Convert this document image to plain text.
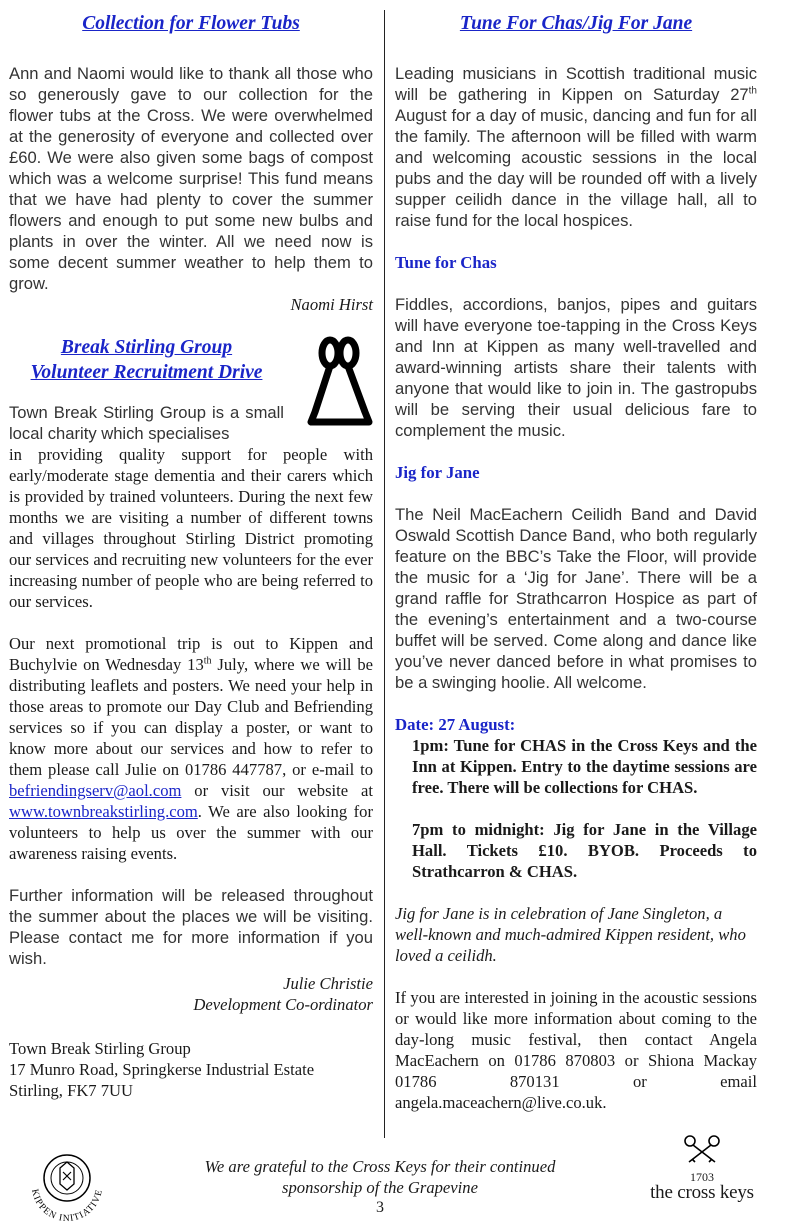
Collection for Flower Tubs

Ann and Naomi would like to thank all those who so generously gave to our collection for the flower tubs at the Cross. We were overwhelmed at the generosity of everyone and collected over £60. We were also given some bags of compost which was a welcome surprise! This fund means that we have had plenty to cover the summer flowers and enough to put some new bulbs and plants in over the winter. All we need now is some decent summer weather to help them to grow.

Naomi Hirst
Break Stirling Group
Volunteer Recruitment Drive

Town Break Stirling Group is a small local charity which specialises

in providing quality support for people with early/moderate stage dementia and their carers which is provided by trained volunteers. During the next few months we are visiting a number of different towns and villages throughout Stirling District promoting our services and recruiting new volunteers for the ever increasing number of people who are being referred to our services.

Our next promotional trip is out to Kippen and Buchylvie on Wednesday 13th July, where we will be distributing leaflets and posters. We need your help in those areas to promote our Day Club and Befriending services so if you can display a poster, or want to know more about our services and how to refer to them please call Julie on 01786 447787, or e-mail to befriendingserv@aol.com or visit our website at www.townbreakstirling.com. We are also looking for volunteers to help us over the summer with our awareness raising events.

Further information will be released throughout the summer about the places we will be visiting. Please contact me for more information if you wish.

Julie Christie
Development Co-ordinator
Town Break Stirling Group
17 Munro Road, Springkerse Industrial Estate
Stirling, FK7 7UU
Tune For Chas/Jig For Jane

Leading musicians in Scottish traditional music will be gathering in Kippen on Saturday 27th August for a day of music, dancing and fun for all the family. The afternoon will be filled with warm and welcoming acoustic sessions in the local pubs and the day will be rounded off with a lively supper ceilidh dance in the village hall, all to raise fund for the local hospices.

Tune for Chas

Fiddles, accordions, banjos, pipes and guitars will have everyone toe-tapping in the Cross Keys and Inn at Kippen as many well-travelled and award-winning artists share their talents with anyone that would like to join in. The gastropubs will be serving their usual delicious fare to complement the music.

Jig for Jane

The Neil MacEachern Ceilidh Band and David Oswald Scottish Dance Band, who both regularly feature on the BBC’s Take the Floor, will provide the music for a ‘Jig for Jane’. There will be a grand raffle for Strathcarron Hospice as part of the evening’s entertainment and a two-course buffet will be served. Come along and dance like you’ve never danced before in what promises to be a swinging hoolie. All welcome.

Date: 27 August:

1pm: Tune for CHAS in the Cross Keys and the Inn at Kippen. Entry to the daytime sessions are free. There will be collections for CHAS.

7pm to midnight: Jig for Jane in the Village Hall. Tickets £10. BYOB. Proceeds to Strathcarron & CHAS.

Jig for Jane is in celebration of Jane Singleton, a well-known and much-admired Kippen resident, who loved a ceilidh.

If you are interested in joining in the acoustic sessions or would like more information about coming to the day-long music festival, then contact Angela MacEachern on 01786 870803 or Shiona Mackay 01786 870131 or email angela.maceachern@live.co.uk.

KIPPEN INITIATIVE
We are grateful to the Cross Keys for their continued
sponsorship of the Grapevine
3
1703
the cross keys
